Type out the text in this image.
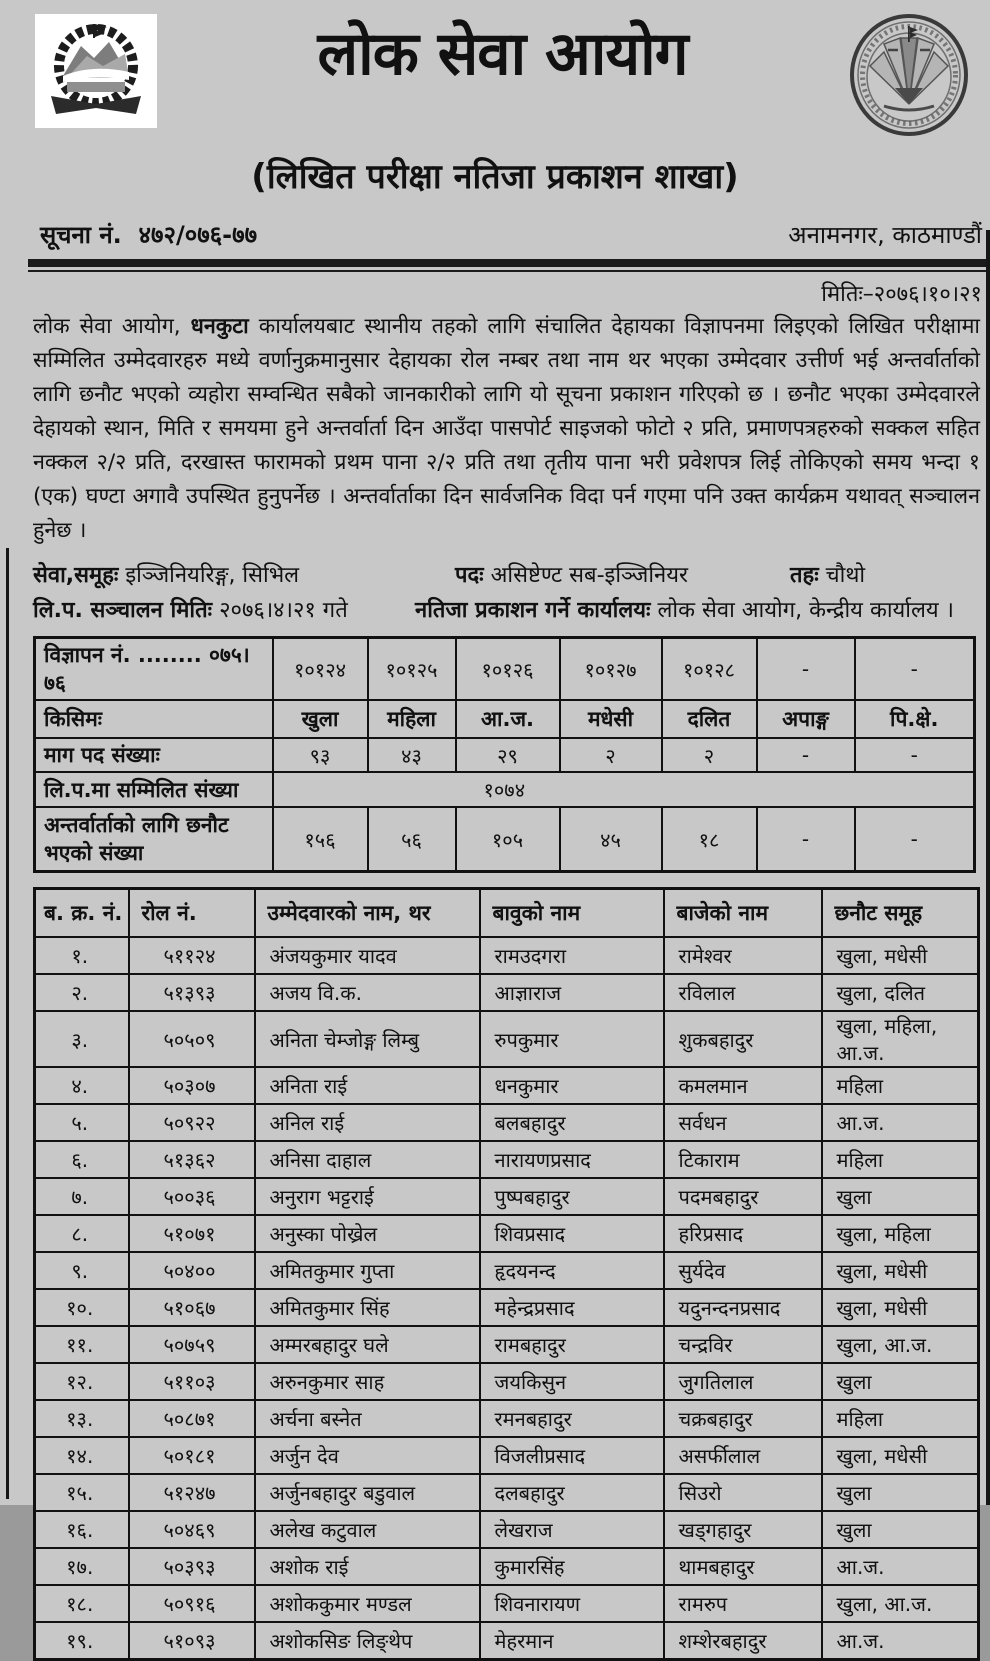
लोक सेवा आयोग
(लिखित परीक्षा नतिजा प्रकाशन शाखा)
सूचना नं. ४७२/०७६-७७	अनामनगर, काठमाण्डौं
मितिः–२०७६।१०।२१

लोक सेवा आयोग, धनकुटा कार्यालयबाट स्थानीय तहको लागि संचालित देहायका विज्ञापनमा लिइएको लिखित परीक्षामा सम्मिलित उम्मेदवारहरु मध्ये वर्णानुक्रमानुसार देहायका रोल नम्बर तथा नाम थर भएका उम्मेदवार उत्तीर्ण भई अन्तर्वार्ताको लागि छनौट भएको व्यहोरा सम्वन्धित सबैको जानकारीको लागि यो सूचना प्रकाशन गरिएको छ । छनौट भएका उम्मेदवारले देहायको स्थान, मिति र समयमा हुने अन्तर्वार्ता दिन आउँदा पासपोर्ट साइजको फोटो २ प्रति, प्रमाणपत्रहरुको सक्कल सहित नक्कल २/२ प्रति, दरखास्त फारामको प्रथम पाना २/२ प्रति तथा तृतीय पाना भरी प्रवेशपत्र लिई तोकिएको समय भन्दा १ (एक) घण्टा अगावै उपस्थित हुनुपर्नेछ । अन्तर्वार्ताका दिन सार्वजनिक विदा पर्न गएमा पनि उक्त कार्यक्रम यथावत् सञ्चालन हुनेछ ।

सेवा,समूहः इञ्जिनियरिङ्ग, सिभिल	पदः असिष्टेण्ट सब-इञ्जिनियर	तहः चौथो
लि.प. सञ्चालन मितिः २०७६।४।२१ गते	नतिजा प्रकाशन गर्ने कार्यालयः लोक सेवा आयोग, केन्द्रीय कार्यालय ।
विज्ञापन नं. ........ ०७५।७६	१०१२४	१०१२५	१०१२६	१०१२७	१०१२८	-	-
किसिमः	खुला	महिला	आ.ज.	मधेसी	दलित	अपाङ्ग	पि.क्षे.
माग पद संख्याः	९३	४३	२९	२	२	-	-
लि.प.मा सम्मिलित संख्या	१०७४						
अन्तर्वार्ताको लागि छनौट भएको संख्या	१५६	५६	१०५	४५	१८	-	-
ब. क्र. नं.	रोल नं.	उम्मेदवारको नाम, थर	बावुको नाम	बाजेको नाम	छनौट समूह
१.	५११२४	अंजयकुमार यादव	रामउदगरा	रामेश्वर	खुला, मधेसी
२.	५१३९३	अजय वि.क.	आज्ञाराज	रविलाल	खुला, दलित
३.	५०५०९	अनिता चेम्जोङ्ग लिम्बु	रुपकुमार	शुकबहादुर	खुला, महिला, आ.ज.
४.	५०३०७	अनिता राई	धनकुमार	कमलमान	महिला
५.	५०९२२	अनिल राई	बलबहादुर	सर्वधन	आ.ज.
६.	५१३६२	अनिसा दाहाल	नारायणप्रसाद	टिकाराम	महिला
७.	५००३६	अनुराग भट्टराई	पुष्पबहादुर	पदमबहादुर	खुला
८.	५१०७१	अनुस्का पोख्रेल	शिवप्रसाद	हरिप्रसाद	खुला, महिला
९.	५०४००	अमितकुमार गुप्ता	हृदयनन्द	सुर्यदेव	खुला, मधेसी
१०.	५१०६७	अमितकुमार सिंह	महेन्द्रप्रसाद	यदुनन्दनप्रसाद	खुला, मधेसी
११.	५०७५९	अम्मरबहादुर घले	रामबहादुर	चन्द्रविर	खुला, आ.ज.
१२.	५११०३	अरुनकुमार साह	जयकिसुन	जुगतिलाल	खुला
१३.	५०८७१	अर्चना बस्नेत	रमनबहादुर	चक्रबहादुर	महिला
१४.	५०१८१	अर्जुन देव	विजलीप्रसाद	असर्फीलाल	खुला, मधेसी
१५.	५१२४७	अर्जुनबहादुर बडुवाल	दलबहादुर	सिउरो	खुला
१६.	५०४६९	अलेख कटुवाल	लेखराज	खड्गहादुर	खुला
१७.	५०३९३	अशोक राई	कुमारसिंह	थामबहादुर	आ.ज.
१८.	५०९१६	अशोककुमार मण्डल	शिवनारायण	रामरुप	खुला, आ.ज.
१९.	५१०९३	अशोकसिङ लिङ्थेप	मेहरमान	शम्शेरबहादुर	आ.ज.
